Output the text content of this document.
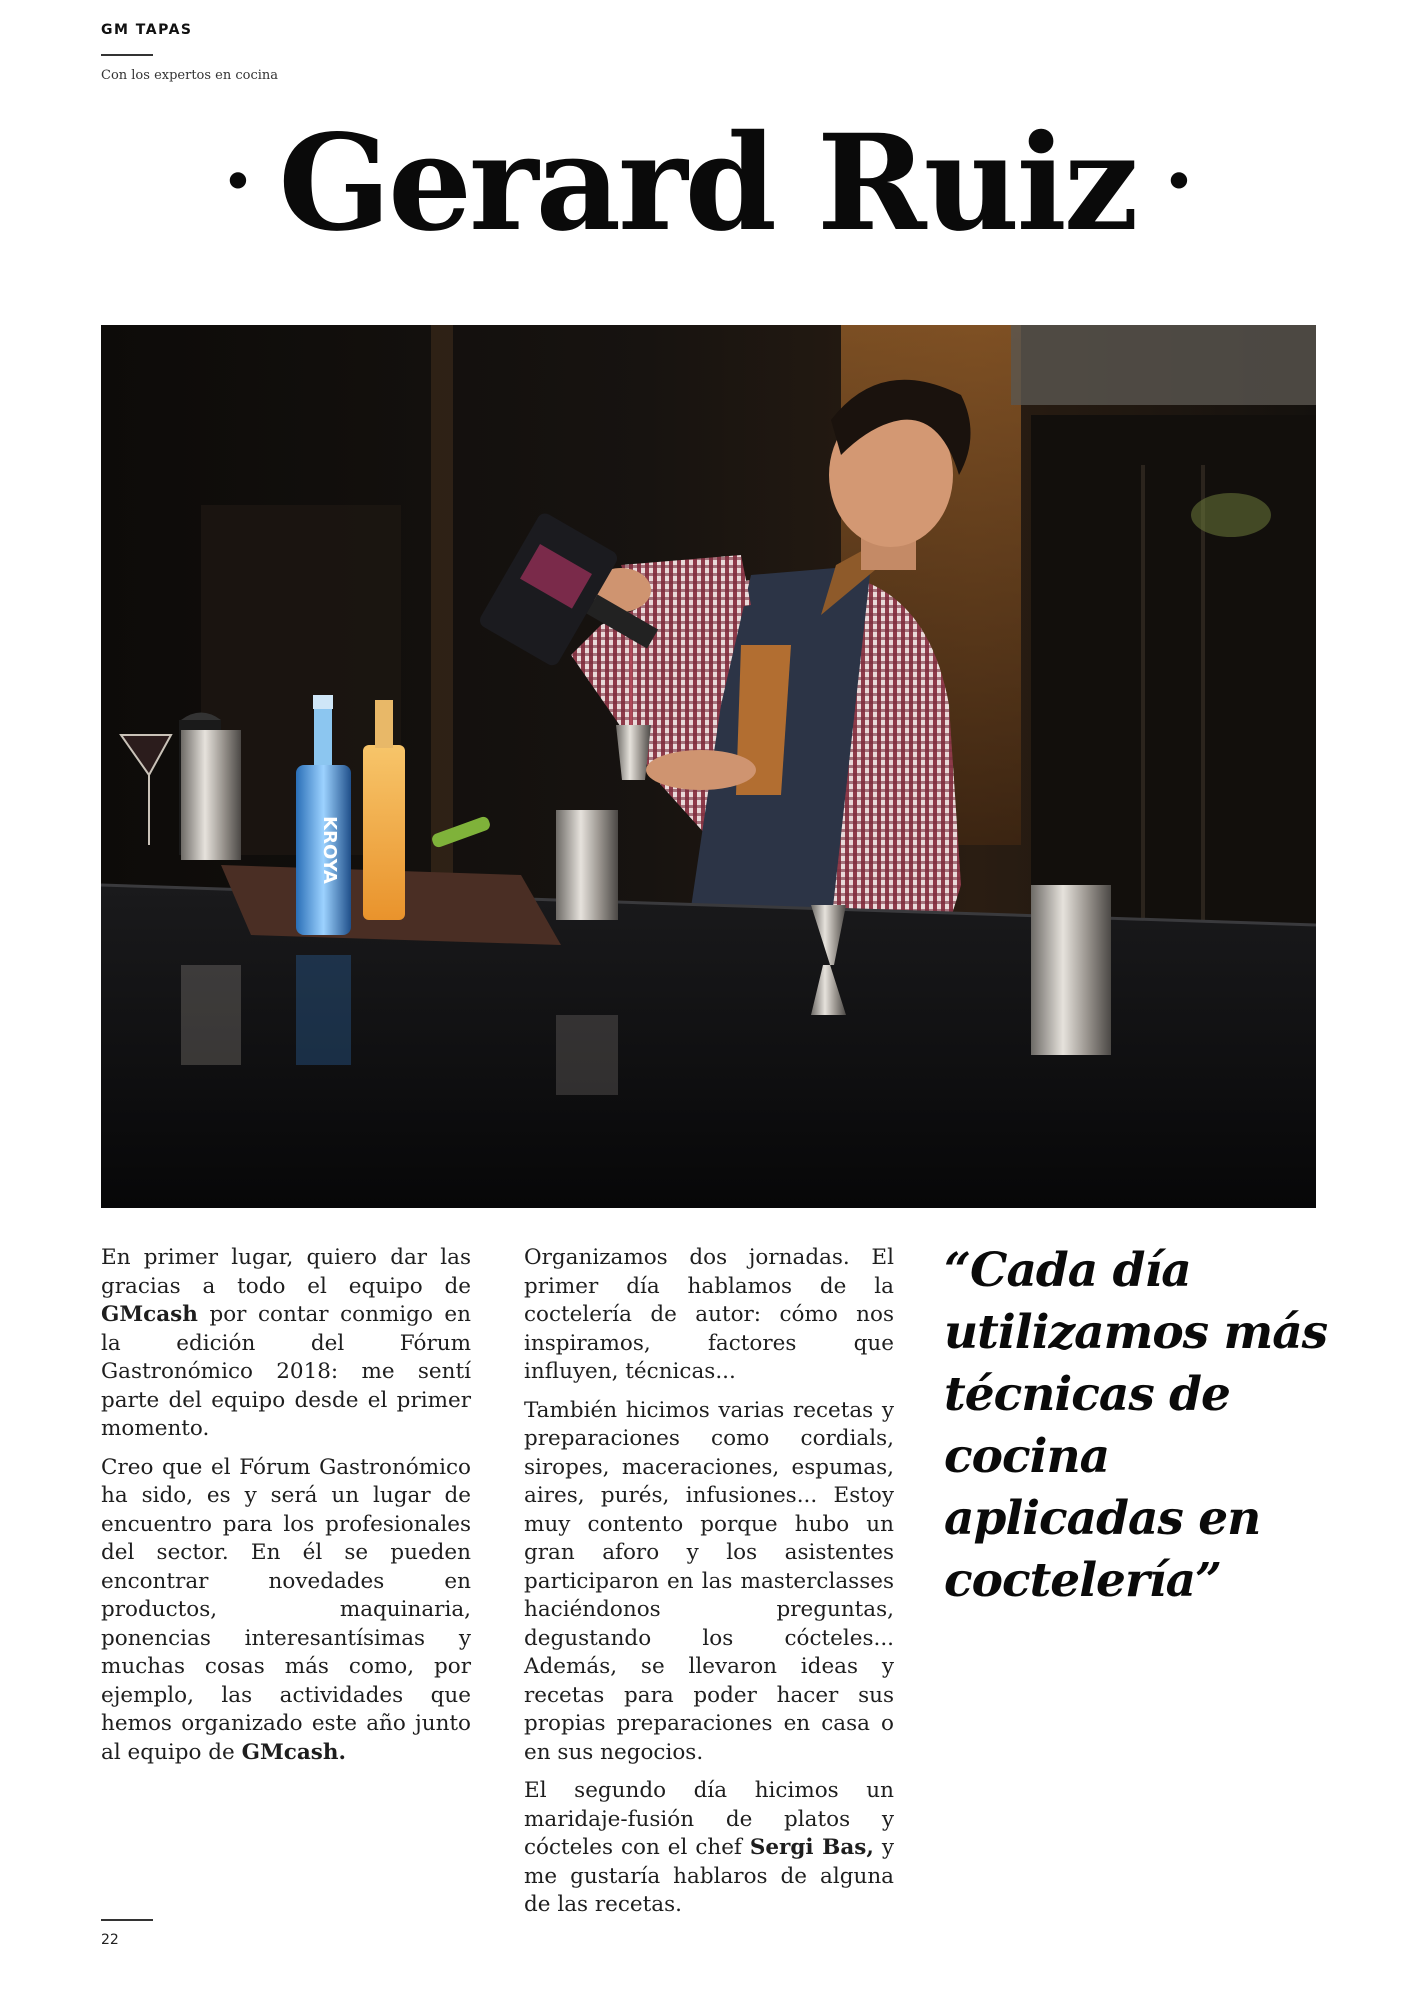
GM TAPAS
Con los expertos en cocina
· Gerard Ruiz ·
KROYA

En primer lugar, quiero dar las gracias a todo el equipo de GMcash por contar conmigo en la edición del Fórum Gastronómico 2018: me sentí parte del equipo desde el primer momento.

Creo que el Fórum Gastronómico ha sido, es y será un lugar de encuentro para los profesionales del sector. En él se pueden encontrar novedades en productos, maquinaria, ponencias interesantísimas y muchas cosas más como, por ejemplo, las actividades que hemos organizado este año junto al equipo de GMcash.

Organizamos dos jornadas. El primer día hablamos de la coctelería de autor: cómo nos inspiramos, factores que influyen, técnicas...

También hicimos varias recetas y preparaciones como cordials, siropes, maceraciones, espumas, aires, purés, infusiones... Estoy muy contento porque hubo un gran aforo y los asistentes participaron en las masterclasses haciéndonos preguntas, degustando los cócteles... Además, se llevaron ideas y recetas para poder hacer sus propias preparaciones en casa o en sus negocios.

El segundo día hicimos un maridaje-fusión de platos y cócteles con el chef Sergi Bas, y me gustaría hablaros de alguna de las recetas.

“Cada día utilizamos más técnicas de cocina aplicadas en coctelería”
22
